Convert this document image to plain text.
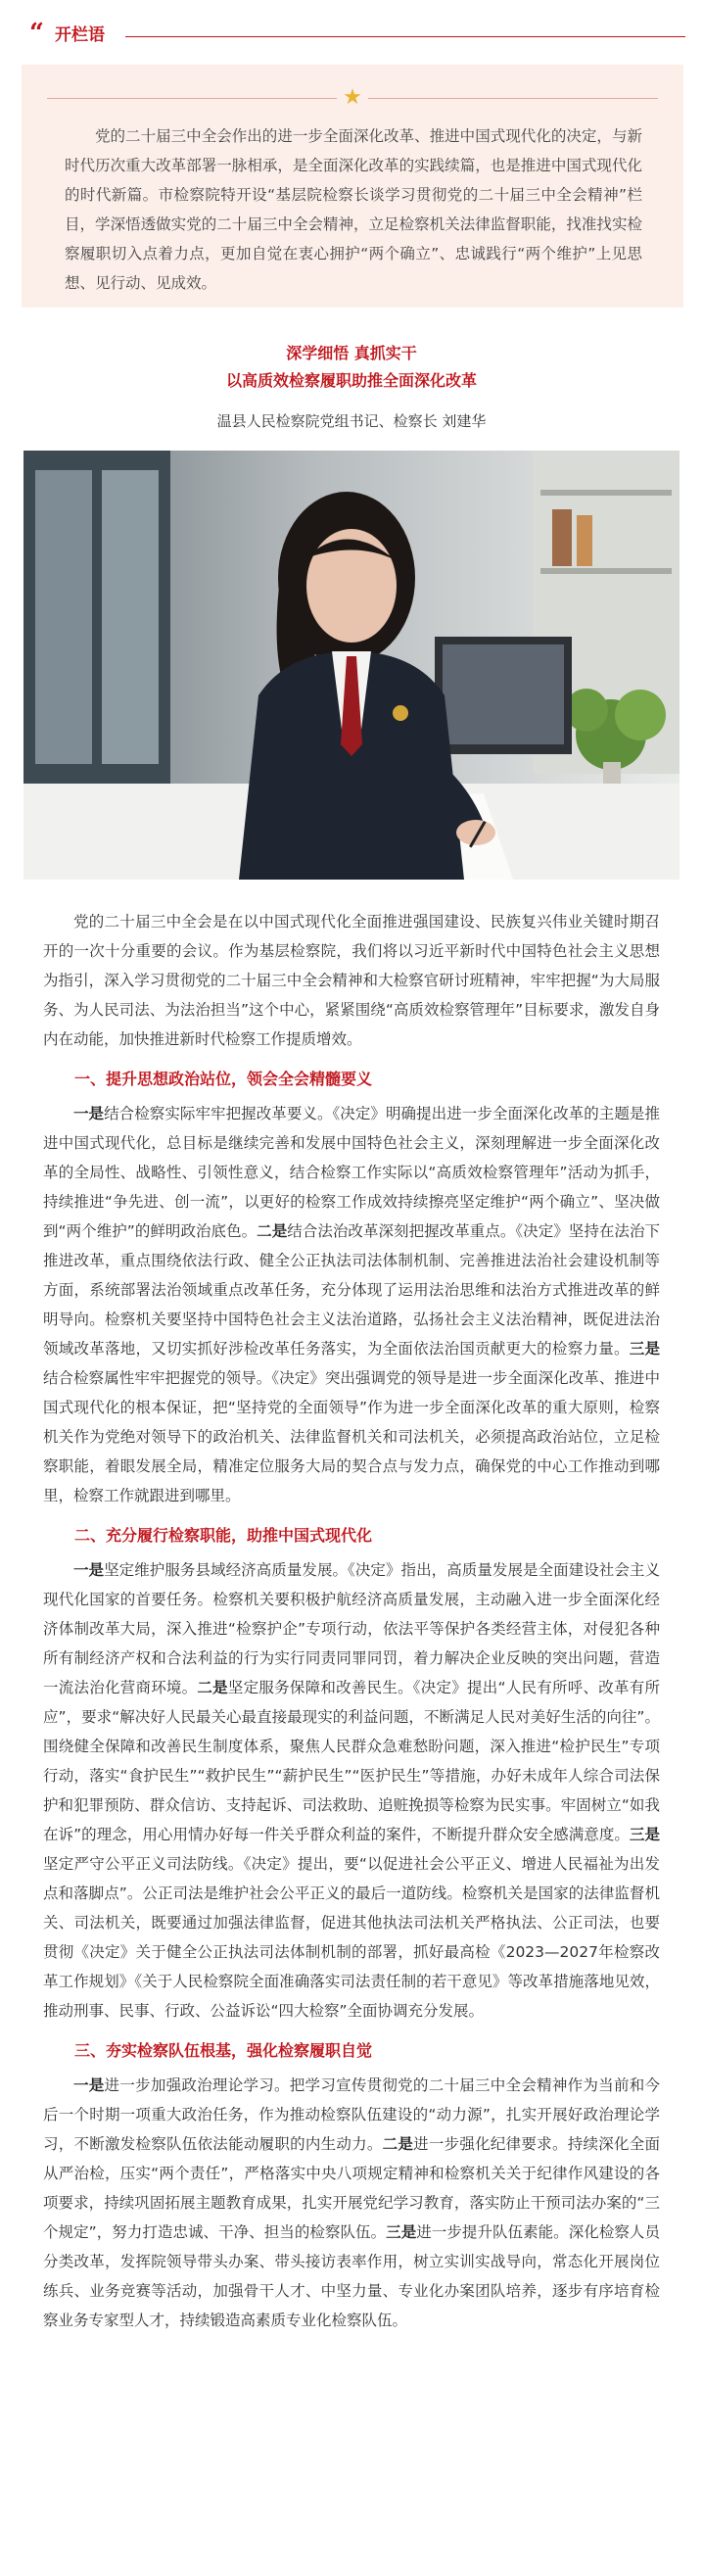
“ 开栏语
★
党的二十届三中全会作出的进一步全面深化改革、推进中国式现代化的决定，与新时代历次重大改革部署一脉相承，是全面深化改革的实践续篇，也是推进中国式现代化的时代新篇。市检察院特开设“基层院检察长谈学习贯彻党的二十届三中全会精神”栏目，学深悟透做实党的二十届三中全会精神，立足检察机关法律监督职能，找准找实检察履职切入点着力点，更加自觉在衷心拥护“两个确立”、忠诚践行“两个维护”上见思想、见行动、见成效。
深学细悟 真抓实干
以高质效检察履职助推全面深化改革
温县人民检察院党组书记、检察长 刘建华

党的二十届三中全会是在以中国式现代化全面推进强国建设、民族复兴伟业关键时期召开的一次十分重要的会议。作为基层检察院，我们将以习近平新时代中国特色社会主义思想为指引，深入学习贯彻党的二十届三中全会精神和大检察官研讨班精神，牢牢把握“为大局服务、为人民司法、为法治担当”这个中心，紧紧围绕“高质效检察管理年”目标要求，激发自身内在动能，加快推进新时代检察工作提质增效。

一、提升思想政治站位，领会全会精髓要义

一是结合检察实际牢牢把握改革要义。《决定》明确提出进一步全面深化改革的主题是推进中国式现代化，总目标是继续完善和发展中国特色社会主义，深刻理解进一步全面深化改革的全局性、战略性、引领性意义，结合检察工作实际以“高质效检察管理年”活动为抓手，持续推进“争先进、创一流”，以更好的检察工作成效持续擦亮坚定维护“两个确立”、坚决做到“两个维护”的鲜明政治底色。二是结合法治改革深刻把握改革重点。《决定》坚持在法治下推进改革，重点围绕依法行政、健全公正执法司法体制机制、完善推进法治社会建设机制等方面，系统部署法治领域重点改革任务，充分体现了运用法治思维和法治方式推进改革的鲜明导向。检察机关要坚持中国特色社会主义法治道路，弘扬社会主义法治精神，既促进法治领域改革落地，又切实抓好涉检改革任务落实，为全面依法治国贡献更大的检察力量。三是结合检察属性牢牢把握党的领导。《决定》突出强调党的领导是进一步全面深化改革、推进中国式现代化的根本保证，把“坚持党的全面领导”作为进一步全面深化改革的重大原则，检察机关作为党绝对领导下的政治机关、法律监督机关和司法机关，必须提高政治站位，立足检察职能，着眼发展全局，精准定位服务大局的契合点与发力点，确保党的中心工作推动到哪里，检察工作就跟进到哪里。

二、充分履行检察职能，助推中国式现代化

一是坚定维护服务县域经济高质量发展。《决定》指出，高质量发展是全面建设社会主义现代化国家的首要任务。检察机关要积极护航经济高质量发展，主动融入进一步全面深化经济体制改革大局，深入推进“检察护企”专项行动，依法平等保护各类经营主体，对侵犯各种所有制经济产权和合法利益的行为实行同责同罪同罚，着力解决企业反映的突出问题，营造一流法治化营商环境。二是坚定服务保障和改善民生。《决定》提出“人民有所呼、改革有所应”，要求“解决好人民最关心最直接最现实的利益问题，不断满足人民对美好生活的向往”。围绕健全保障和改善民生制度体系，聚焦人民群众急难愁盼问题，深入推进“检护民生”专项行动，落实“食护民生”“救护民生”“薪护民生”“医护民生”等措施，办好未成年人综合司法保护和犯罪预防、群众信访、支持起诉、司法救助、追赃挽损等检察为民实事。牢固树立“如我在诉”的理念，用心用情办好每一件关乎群众利益的案件，不断提升群众安全感满意度。三是坚定严守公平正义司法防线。《决定》提出，要“以促进社会公平正义、增进人民福祉为出发点和落脚点”。公正司法是维护社会公平正义的最后一道防线。检察机关是国家的法律监督机关、司法机关，既要通过加强法律监督，促进其他执法司法机关严格执法、公正司法，也要贯彻《决定》关于健全公正执法司法体制机制的部署，抓好最高检《2023—2027年检察改革工作规划》《关于人民检察院全面准确落实司法责任制的若干意见》等改革措施落地见效，推动刑事、民事、行政、公益诉讼“四大检察”全面协调充分发展。

三、夯实检察队伍根基，强化检察履职自觉

一是进一步加强政治理论学习。把学习宣传贯彻党的二十届三中全会精神作为当前和今后一个时期一项重大政治任务，作为推动检察队伍建设的“动力源”，扎实开展好政治理论学习，不断激发检察队伍依法能动履职的内生动力。二是进一步强化纪律要求。持续深化全面从严治检，压实“两个责任”，严格落实中央八项规定精神和检察机关关于纪律作风建设的各项要求，持续巩固拓展主题教育成果，扎实开展党纪学习教育，落实防止干预司法办案的“三个规定”，努力打造忠诚、干净、担当的检察队伍。三是进一步提升队伍素能。深化检察人员分类改革，发挥院领导带头办案、带头接访表率作用，树立实训实战导向，常态化开展岗位练兵、业务竞赛等活动，加强骨干人才、中坚力量、专业化办案团队培养，逐步有序培育检察业务专家型人才，持续锻造高素质专业化检察队伍。
